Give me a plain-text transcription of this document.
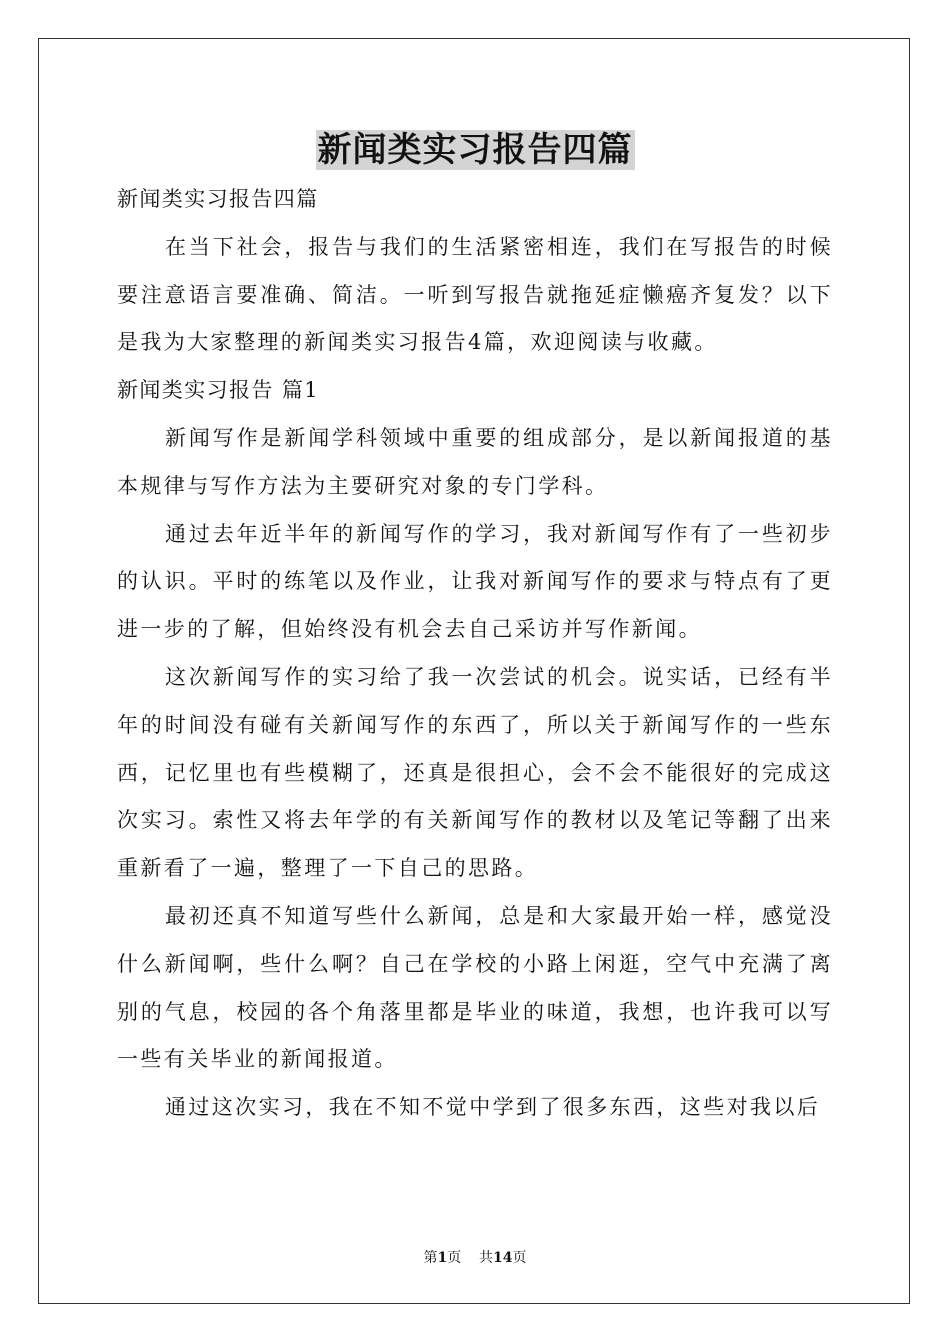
新闻类实习报告四篇

新闻类实习报告四篇

在当下社会，报告与我们的生活紧密相连，我们在写报告的时候要注意语言要准确、简洁。一听到写报告就拖延症懒癌齐复发？以下是我为大家整理的新闻类实习报告4篇，欢迎阅读与收藏。

新闻类实习报告 篇1

新闻写作是新闻学科领域中重要的组成部分，是以新闻报道的基本规律与写作方法为主要研究对象的专门学科。

通过去年近半年的新闻写作的学习，我对新闻写作有了一些初步的认识。平时的练笔以及作业，让我对新闻写作的要求与特点有了更进一步的了解，但始终没有机会去自己采访并写作新闻。

这次新闻写作的实习给了我一次尝试的机会。说实话，已经有半年的时间没有碰有关新闻写作的东西了，所以关于新闻写作的一些东西，记忆里也有些模糊了，还真是很担心，会不会不能很好的完成这次实习。索性又将去年学的有关新闻写作的教材以及笔记等翻了出来重新看了一遍，整理了一下自己的思路。

最初还真不知道写些什么新闻，总是和大家最开始一样，感觉没什么新闻啊，些什么啊？自己在学校的小路上闲逛，空气中充满了离别的气息，校园的各个角落里都是毕业的味道，我想，也许我可以写一些有关毕业的新闻报道。

通过这次实习，我在不知不觉中学到了很多东西，这些对我以后

第1页 共14页
